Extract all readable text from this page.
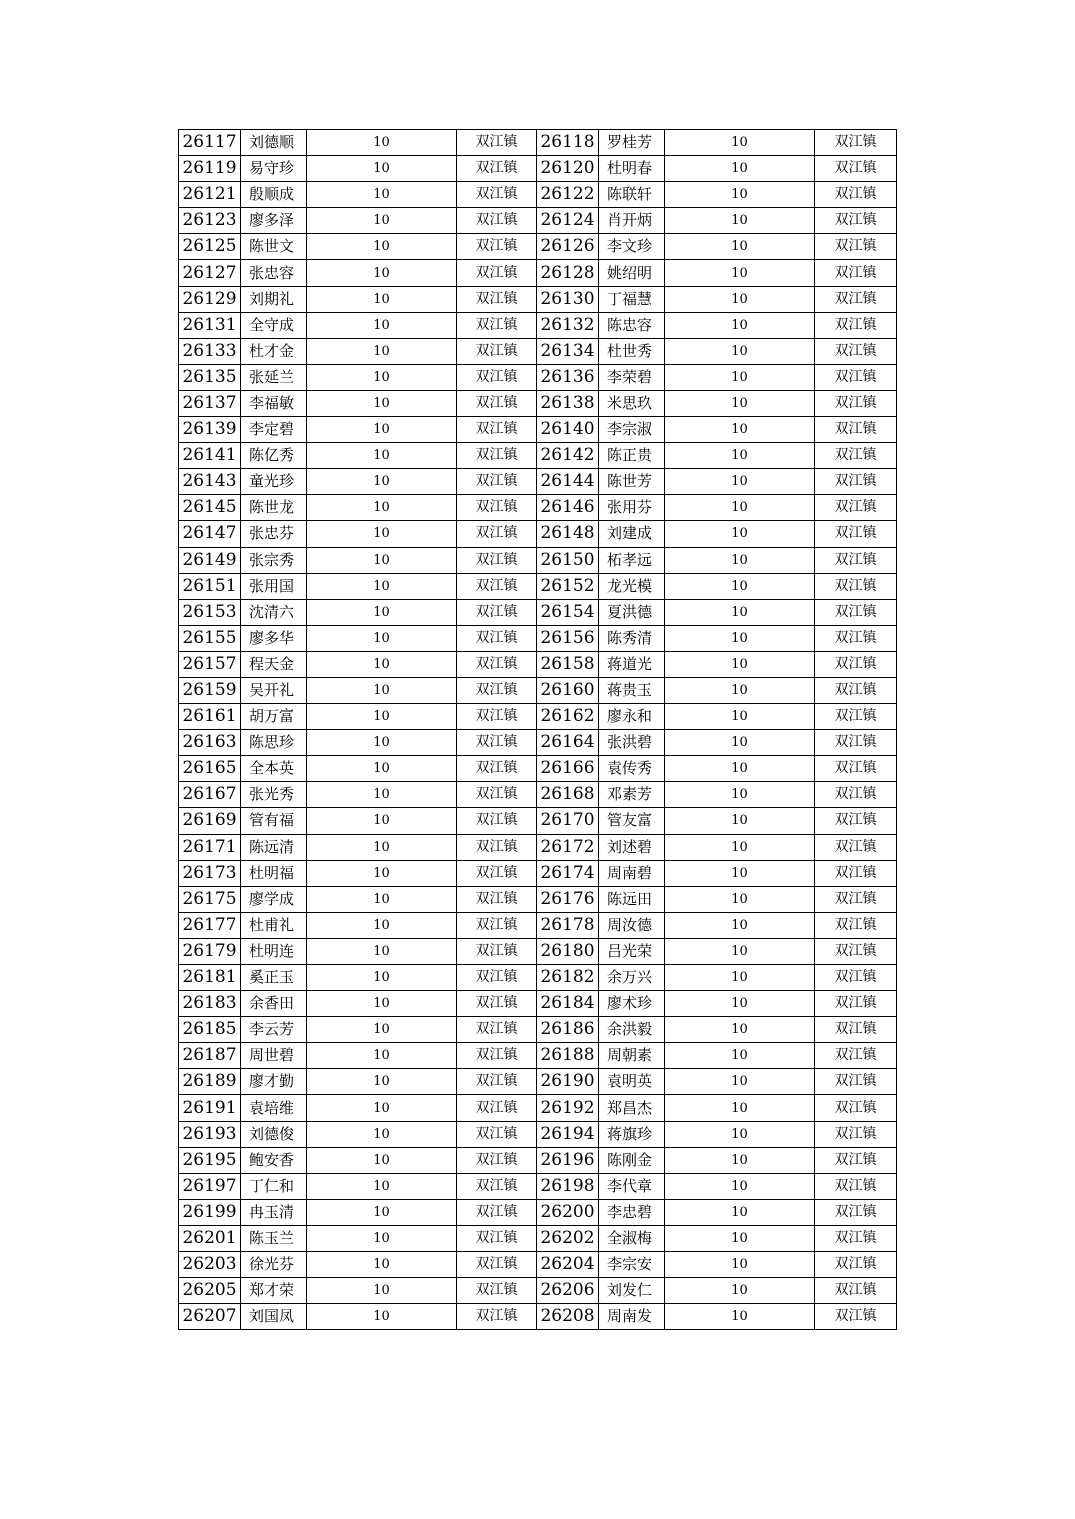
26117	刘德顺	10	双江镇	26118	罗桂芳	10	双江镇
26119	易守珍	10	双江镇	26120	杜明春	10	双江镇
26121	殷顺成	10	双江镇	26122	陈联轩	10	双江镇
26123	廖多泽	10	双江镇	26124	肖开炳	10	双江镇
26125	陈世文	10	双江镇	26126	李文珍	10	双江镇
26127	张忠容	10	双江镇	26128	姚绍明	10	双江镇
26129	刘期礼	10	双江镇	26130	丁福慧	10	双江镇
26131	全守成	10	双江镇	26132	陈忠容	10	双江镇
26133	杜才金	10	双江镇	26134	杜世秀	10	双江镇
26135	张延兰	10	双江镇	26136	李荣碧	10	双江镇
26137	李福敏	10	双江镇	26138	米思玖	10	双江镇
26139	李定碧	10	双江镇	26140	李宗淑	10	双江镇
26141	陈亿秀	10	双江镇	26142	陈正贵	10	双江镇
26143	童光珍	10	双江镇	26144	陈世芳	10	双江镇
26145	陈世龙	10	双江镇	26146	张用芬	10	双江镇
26147	张忠芬	10	双江镇	26148	刘建成	10	双江镇
26149	张宗秀	10	双江镇	26150	柘孝远	10	双江镇
26151	张用国	10	双江镇	26152	龙光模	10	双江镇
26153	沈清六	10	双江镇	26154	夏洪德	10	双江镇
26155	廖多华	10	双江镇	26156	陈秀清	10	双江镇
26157	程天金	10	双江镇	26158	蒋道光	10	双江镇
26159	吴开礼	10	双江镇	26160	蒋贵玉	10	双江镇
26161	胡万富	10	双江镇	26162	廖永和	10	双江镇
26163	陈思珍	10	双江镇	26164	张洪碧	10	双江镇
26165	全本英	10	双江镇	26166	袁传秀	10	双江镇
26167	张光秀	10	双江镇	26168	邓素芳	10	双江镇
26169	管有福	10	双江镇	26170	管友富	10	双江镇
26171	陈远清	10	双江镇	26172	刘述碧	10	双江镇
26173	杜明福	10	双江镇	26174	周南碧	10	双江镇
26175	廖学成	10	双江镇	26176	陈远田	10	双江镇
26177	杜甫礼	10	双江镇	26178	周汝德	10	双江镇
26179	杜明连	10	双江镇	26180	吕光荣	10	双江镇
26181	奚正玉	10	双江镇	26182	余万兴	10	双江镇
26183	余香田	10	双江镇	26184	廖术珍	10	双江镇
26185	李云芳	10	双江镇	26186	余洪毅	10	双江镇
26187	周世碧	10	双江镇	26188	周朝素	10	双江镇
26189	廖才勤	10	双江镇	26190	袁明英	10	双江镇
26191	袁培维	10	双江镇	26192	郑昌杰	10	双江镇
26193	刘德俊	10	双江镇	26194	蒋旗珍	10	双江镇
26195	鲍安香	10	双江镇	26196	陈刚金	10	双江镇
26197	丁仁和	10	双江镇	26198	李代章	10	双江镇
26199	冉玉清	10	双江镇	26200	李忠碧	10	双江镇
26201	陈玉兰	10	双江镇	26202	全淑梅	10	双江镇
26203	徐光芬	10	双江镇	26204	李宗安	10	双江镇
26205	郑才荣	10	双江镇	26206	刘发仁	10	双江镇
26207	刘国凤	10	双江镇	26208	周南发	10	双江镇
